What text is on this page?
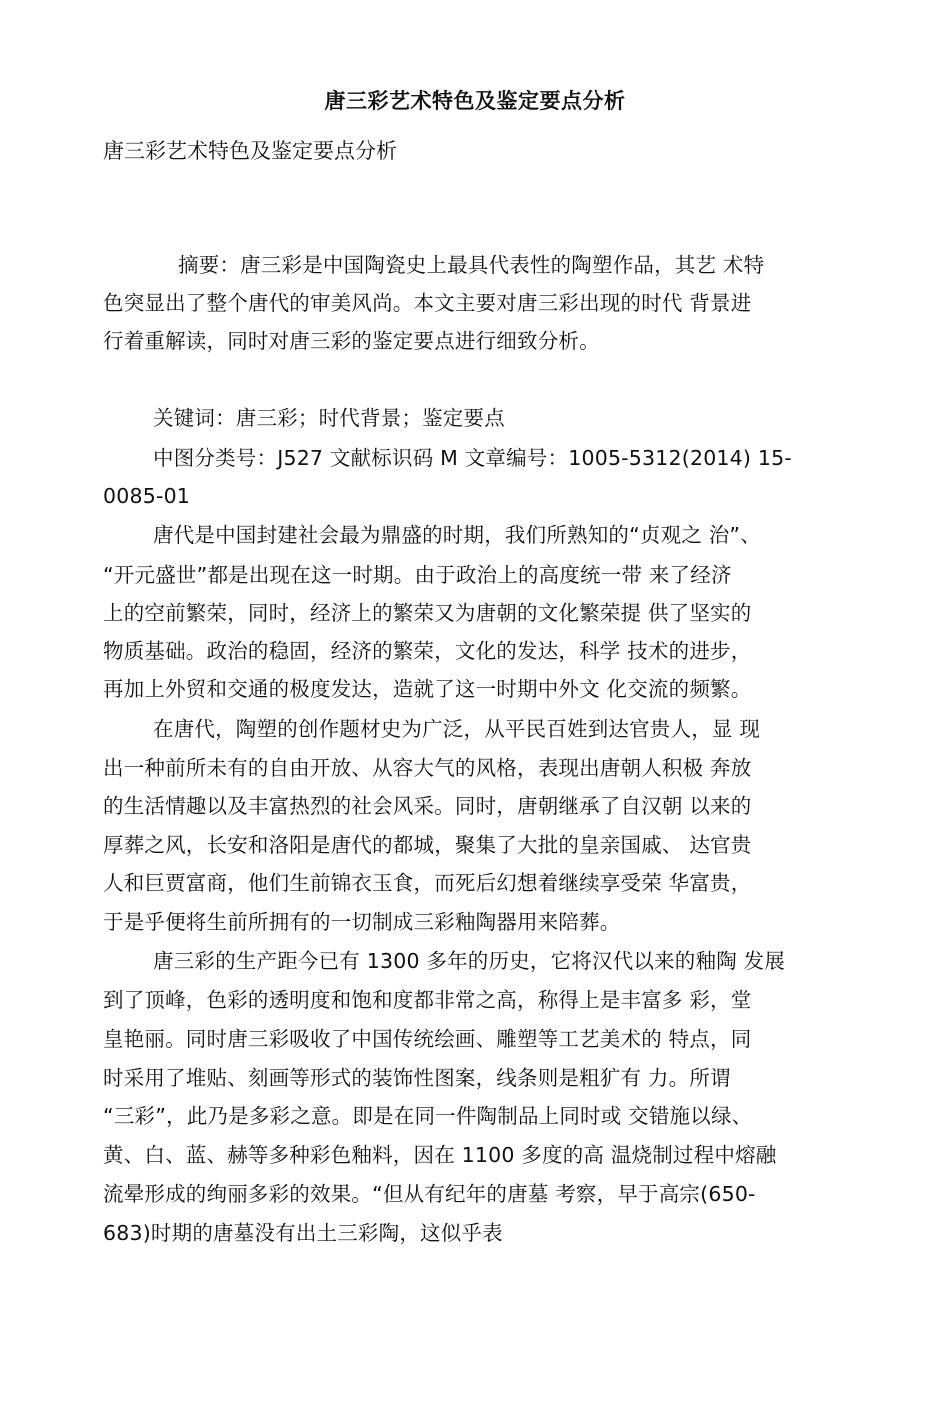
唐三彩艺术特色及鉴定要点分析
唐三彩艺术特色及鉴定要点分析
摘要：唐三彩是中国陶瓷史上最具代表性的陶塑作品，其艺 术特
色突显出了整个唐代的审美风尚。本文主要对唐三彩出现的时代 背景进
行着重解读，同时对唐三彩的鉴定要点进行细致分析。
关键词：唐三彩；时代背景；鉴定要点
中图分类号：J527 文献标识码 M 文章编号：1005-5312(2014) 15-
0085-01
唐代是中国封建社会最为鼎盛的时期，我们所熟知的“贞观之 治”、
“开元盛世”都是出现在这一时期。由于政治上的高度统一带 来了经济
上的空前繁荣，同时，经济上的繁荣又为唐朝的文化繁荣提 供了坚实的
物质基础。政治的稳固，经济的繁荣，文化的发达，科学 技术的进步，
再加上外贸和交通的极度发达，造就了这一时期中外文 化交流的频繁。
在唐代，陶塑的创作题材史为广泛，从平民百姓到达官贵人，显 现
出一种前所未有的自由开放、从容大气的风格，表现出唐朝人积极 奔放
的生活情趣以及丰富热烈的社会风采。同时，唐朝继承了自汉朝 以来的
厚葬之风，长安和洛阳是唐代的都城，聚集了大批的皇亲国戚、 达官贵
人和巨贾富商，他们生前锦衣玉食，而死后幻想着继续享受荣 华富贵，
于是乎便将生前所拥有的一切制成三彩釉陶器用来陪葬。
唐三彩的生产距今已有 1300 多年的历史，它将汉代以来的釉陶 发展
到了顶峰，色彩的透明度和饱和度都非常之高，称得上是丰富多 彩，堂
皇艳丽。同时唐三彩吸收了中国传统绘画、雕塑等工艺美术的 特点，同
时采用了堆贴、刻画等形式的装饰性图案，线条则是粗犷有 力。所谓
“三彩”，此乃是多彩之意。即是在同一件陶制品上同时或 交错施以绿、
黄、白、蓝、赫等多种彩色釉料，因在 1100 多度的高 温烧制过程中熔融
流晕形成的绚丽多彩的效果。“但从有纪年的唐墓 考察，早于高宗(650-
683)时期的唐墓没有出土三彩陶，这似乎表
